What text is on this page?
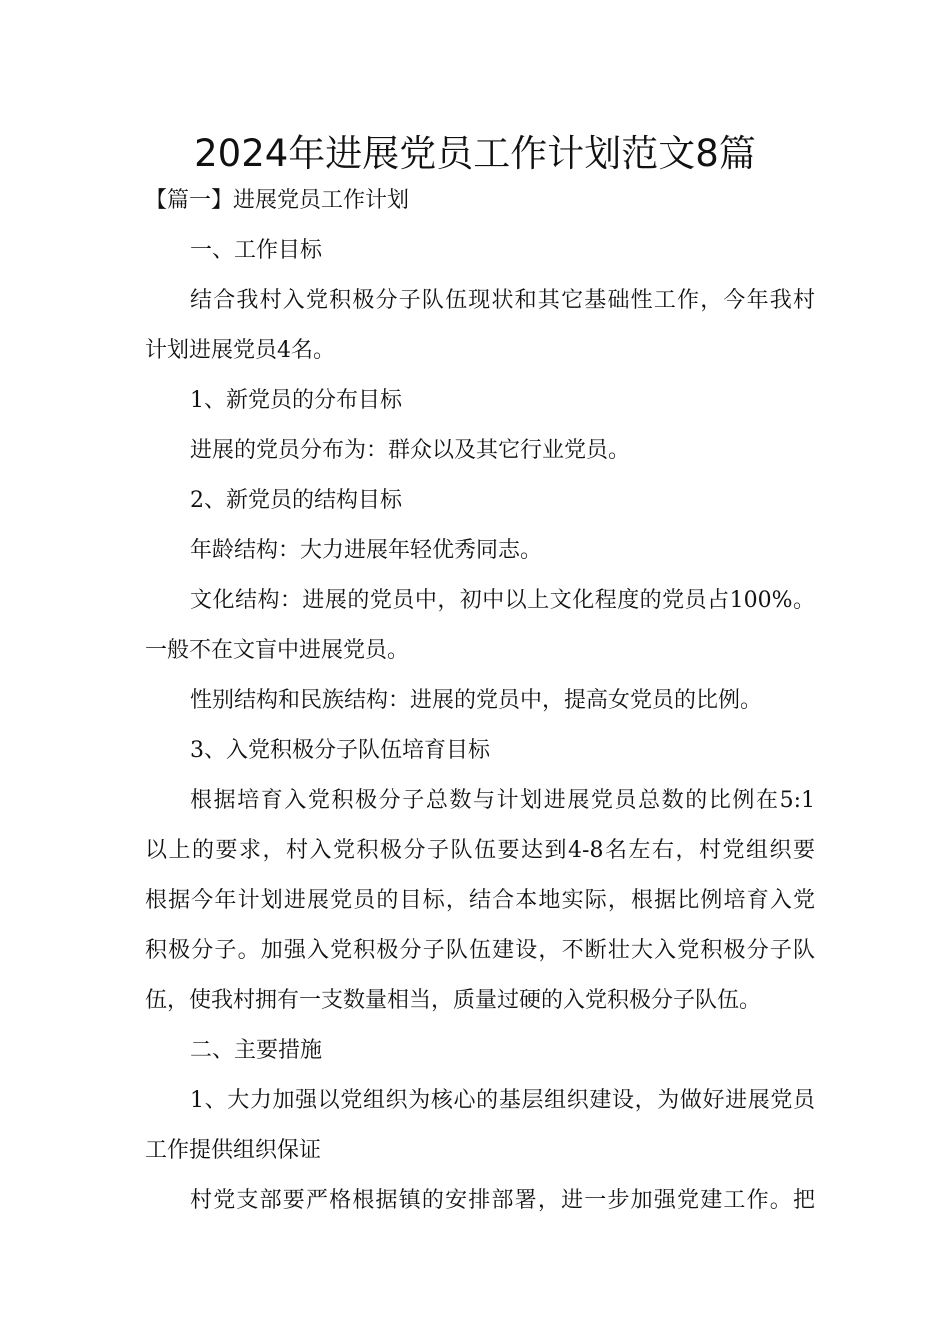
2024年进展党员工作计划范文8篇

【篇一】进展党员工作计划

一、工作目标

结合我村入党积极分子队伍现状和其它基础性工作，今年我村

计划进展党员4名。

1、新党员的分布目标

进展的党员分布为：群众以及其它行业党员。

2、新党员的结构目标

年龄结构：大力进展年轻优秀同志。

文化结构：进展的党员中，初中以上文化程度的党员占100%。

一般不在文盲中进展党员。

性别结构和民族结构：进展的党员中，提高女党员的比例。

3、入党积极分子队伍培育目标

根据培育入党积极分子总数与计划进展党员总数的比例在5:1

以上的要求，村入党积极分子队伍要达到4-8名左右，村党组织要

根据今年计划进展党员的目标，结合本地实际，根据比例培育入党

积极分子。加强入党积极分子队伍建设，不断壮大入党积极分子队

伍，使我村拥有一支数量相当，质量过硬的入党积极分子队伍。

二、主要措施

1、大力加强以党组织为核心的基层组织建设，为做好进展党员

工作提供组织保证

村党支部要严格根据镇的安排部署，进一步加强党建工作。把
